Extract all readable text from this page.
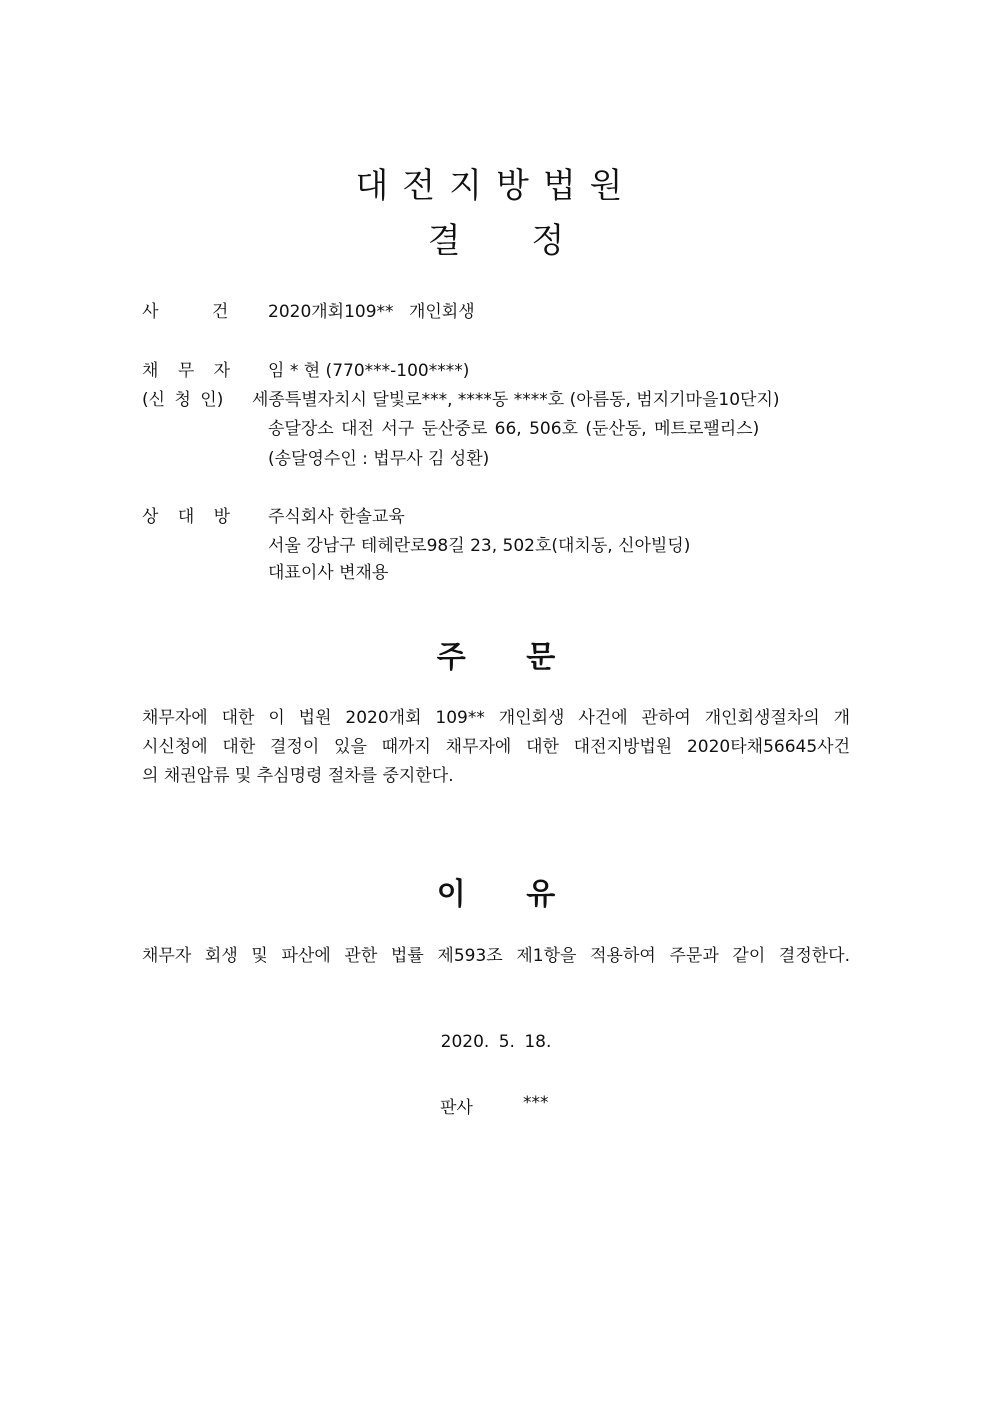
대전지방법원
결 정
사 건 2020개회109** 개인회생
채 무 자 임 * 현 (770***-100****)
(신 청 인) 세종특별자치시 달빛로***, ****동 ****호 (아름동, 범지기마을10단지)
송달장소 대전 서구 둔산중로 66, 506호 (둔산동, 메트로팰리스)
(송달영수인 : 법무사 김 성환)
상 대 방 주식회사 한솔교육
서울 강남구 테헤란로98길 23, 502호(대치동, 신아빌딩)
대표이사 변재용
주 문
채무자에 대한 이 법원 2020개회 109** 개인회생 사건에 관하여 개인회생절차의 개
시신청에 대한 결정이 있을 때까지 채무자에 대한 대전지방법원 2020타채56645사건
의 채권압류 및 추심명령 절차를 중지한다.
이 유
채무자 회생 및 파산에 관한 법률 제593조 제1항을 적용하여 주문과 같이 결정한다.
2020. 5. 18.
판사	***
